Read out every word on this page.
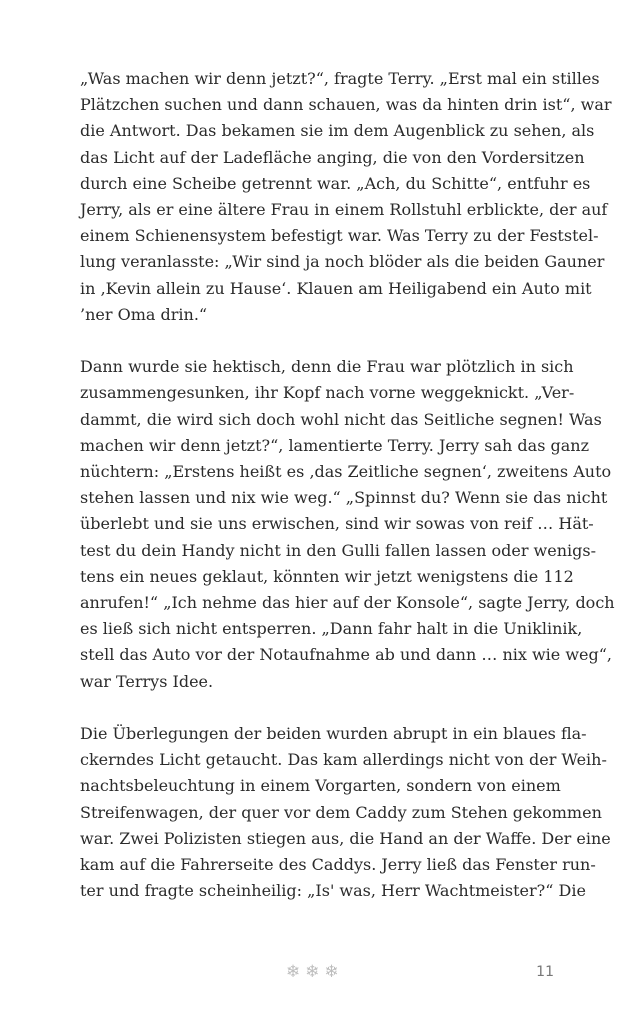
„Was machen wir denn jetzt?“, fragte Terry. „Erst mal ein stilles
Plätzchen suchen und dann schauen, was da hinten drin ist“, war
die Antwort. Das bekamen sie im dem Augenblick zu sehen, als
das Licht auf der Ladefläche anging, die von den Vordersitzen
durch eine Scheibe getrennt war. „Ach, du Schitte“, entfuhr es
Jerry, als er eine ältere Frau in einem Rollstuhl erblickte, der auf
einem Schienensystem befestigt war. Was Terry zu der Feststel-
lung veranlasste: „Wir sind ja noch blöder als die beiden Gauner
in ‚Kevin allein zu Hause‘. Klauen am Heiligabend ein Auto mit
’ner Oma drin.“

Dann wurde sie hektisch, denn die Frau war plötzlich in sich
zusammengesunken, ihr Kopf nach vorne weggeknickt. „Ver-
dammt, die wird sich doch wohl nicht das Seitliche segnen! Was
machen wir denn jetzt?“, lamentierte Terry. Jerry sah das ganz
nüchtern: „Erstens heißt es ‚das Zeitliche segnen‘, zweitens Auto
stehen lassen und nix wie weg.“ „Spinnst du? Wenn sie das nicht
überlebt und sie uns erwischen, sind wir sowas von reif … Hät-
test du dein Handy nicht in den Gulli fallen lassen oder wenigs-
tens ein neues geklaut, könnten wir jetzt wenigstens die 112
anrufen!“ „Ich nehme das hier auf der Konsole“, sagte Jerry, doch
es ließ sich nicht entsperren. „Dann fahr halt in die Uniklinik,
stell das Auto vor der Notaufnahme ab und dann … nix wie weg“,
war Terrys Idee.

Die Überlegungen der beiden wurden abrupt in ein blaues fla-
ckerndes Licht getaucht. Das kam allerdings nicht von der Weih-
nachtsbeleuchtung in einem Vorgarten, sondern von einem
Streifenwagen, der quer vor dem Caddy zum Stehen gekommen
war. Zwei Polizisten stiegen aus, die Hand an der Waffe. Der eine
kam auf die Fahrerseite des Caddys. Jerry ließ das Fenster run-
ter und fragte scheinheilig: „Is' was, Herr Wachtmeister?“ Die

❄❄❄	11
